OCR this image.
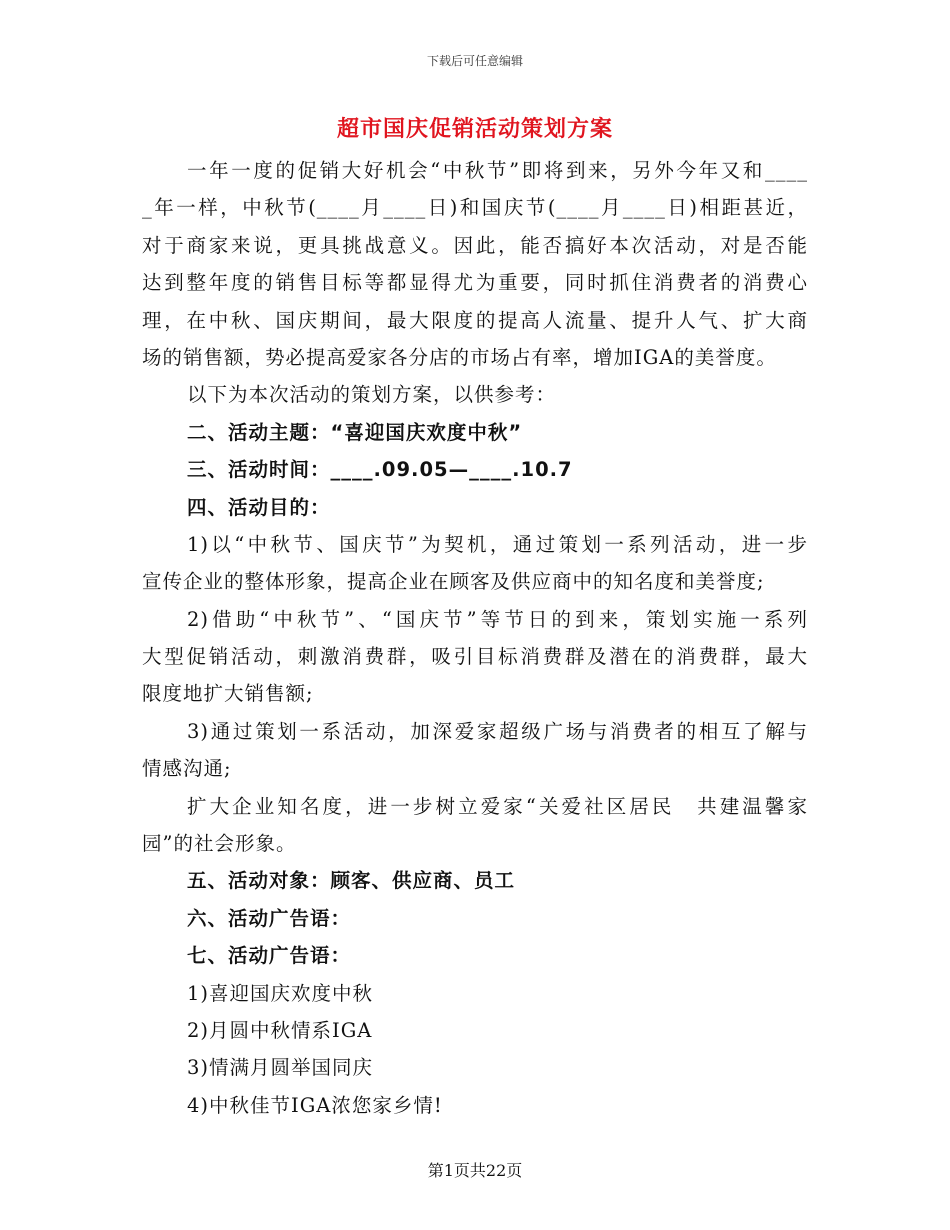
下载后可任意编辑
超市国庆促销活动策划方案
一年一度的促销大好机会“中秋节”即将到来，另外今年又和____
_年一样，中秋节(____月____日)和国庆节(____月____日)相距甚近，
对于商家来说，更具挑战意义。因此，能否搞好本次活动，对是否能
达到整年度的销售目标等都显得尤为重要，同时抓住消费者的消费心
理，在中秋、国庆期间，最大限度的提高人流量、提升人气、扩大商
场的销售额，势必提高爱家各分店的市场占有率，增加IGA的美誉度。
以下为本次活动的策划方案，以供参考：
二、活动主题：“喜迎国庆欢度中秋”
三、活动时间：____.09.05—____.10.7
四、活动目的：
1)以“中秋节、国庆节”为契机，通过策划一系列活动，进一步
宣传企业的整体形象，提高企业在顾客及供应商中的知名度和美誉度;
2)借助“中秋节”、“国庆节”等节日的到来，策划实施一系列
大型促销活动，刺激消费群，吸引目标消费群及潜在的消费群，最大
限度地扩大销售额;
3)通过策划一系活动，加深爱家超级广场与消费者的相互了解与
情感沟通;
扩大企业知名度，进一步树立爱家“关爱社区居民　共建温馨家
园”的社会形象。
五、活动对象：顾客、供应商、员工
六、活动广告语：
七、活动广告语：
1)喜迎国庆欢度中秋
2)月圆中秋情系IGA
3)情满月圆举国同庆
4)中秋佳节IGA浓您家乡情!
第1页共22页
